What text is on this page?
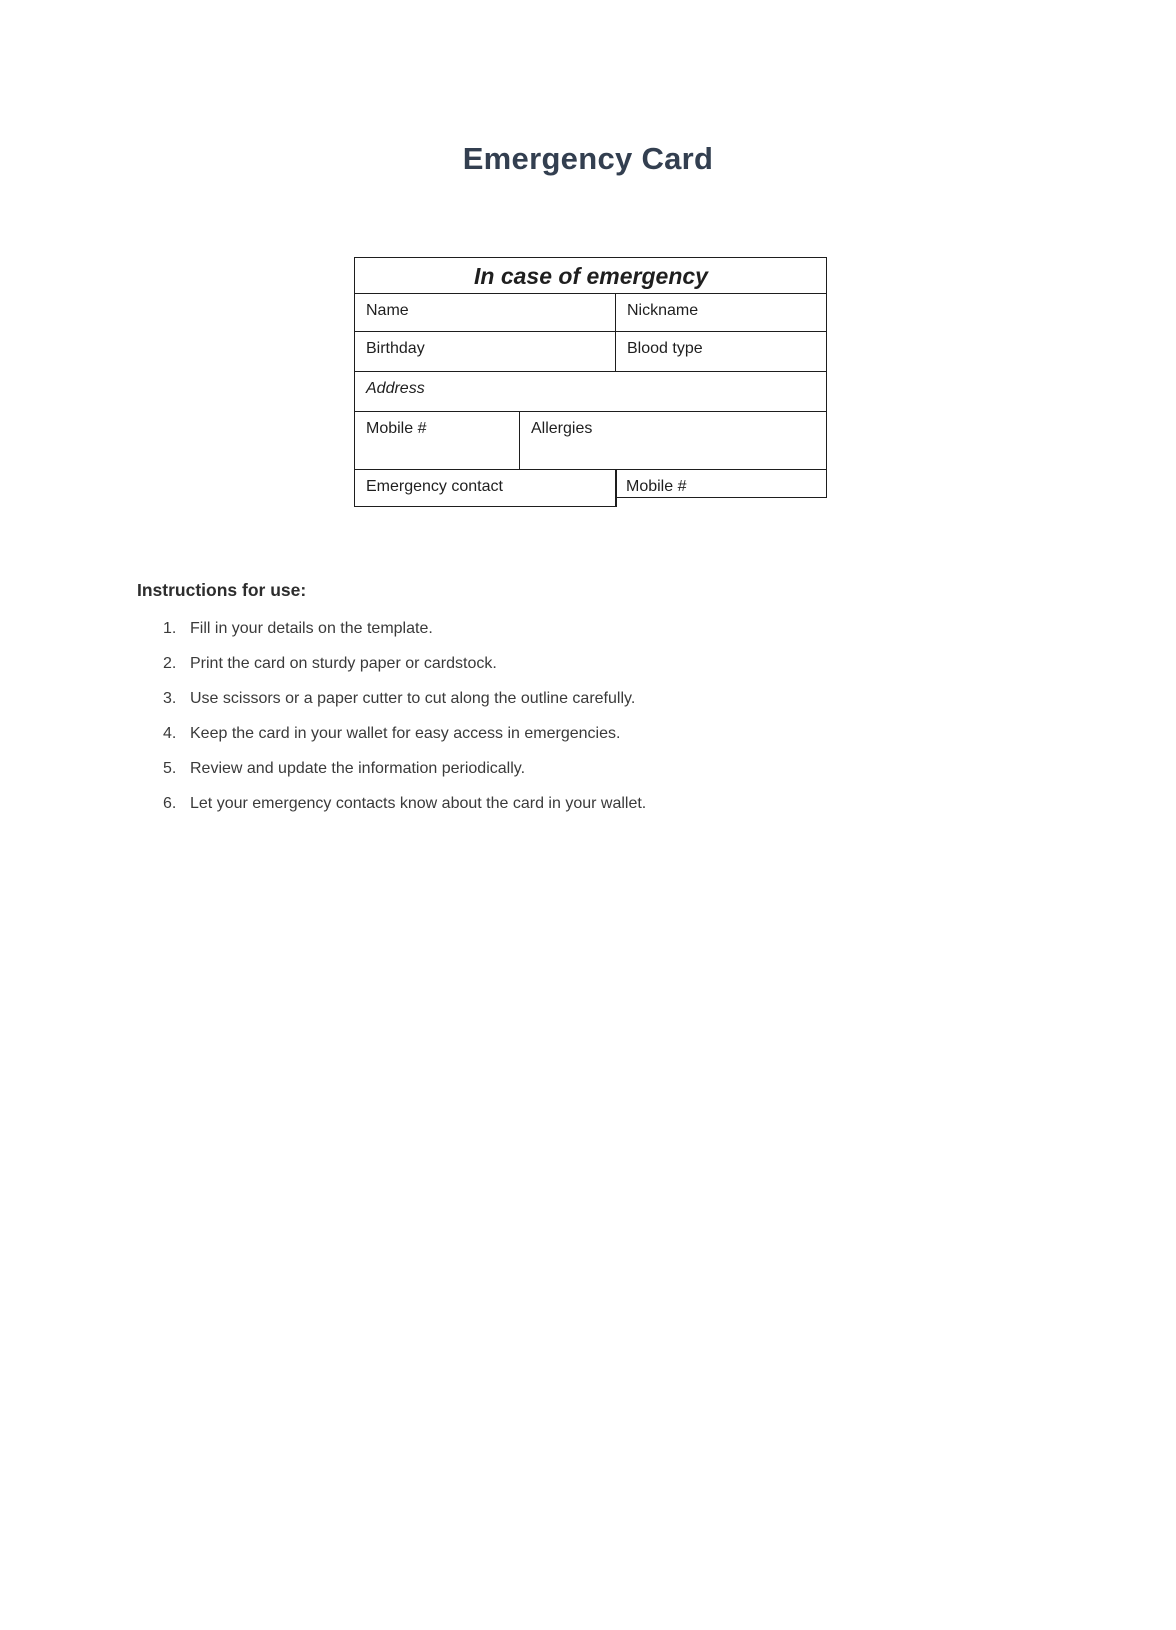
Emergency Card
In case of emergency
Name	Nickname
Birthday	Blood type
Address
Mobile #	Allergies
Emergency contact	Mobile #

Instructions for use:

1. Fill in your details on the template.
2. Print the card on sturdy paper or cardstock.
3. Use scissors or a paper cutter to cut along the outline carefully.
4. Keep the card in your wallet for easy access in emergencies.
5. Review and update the information periodically.
6. Let your emergency contacts know about the card in your wallet.
